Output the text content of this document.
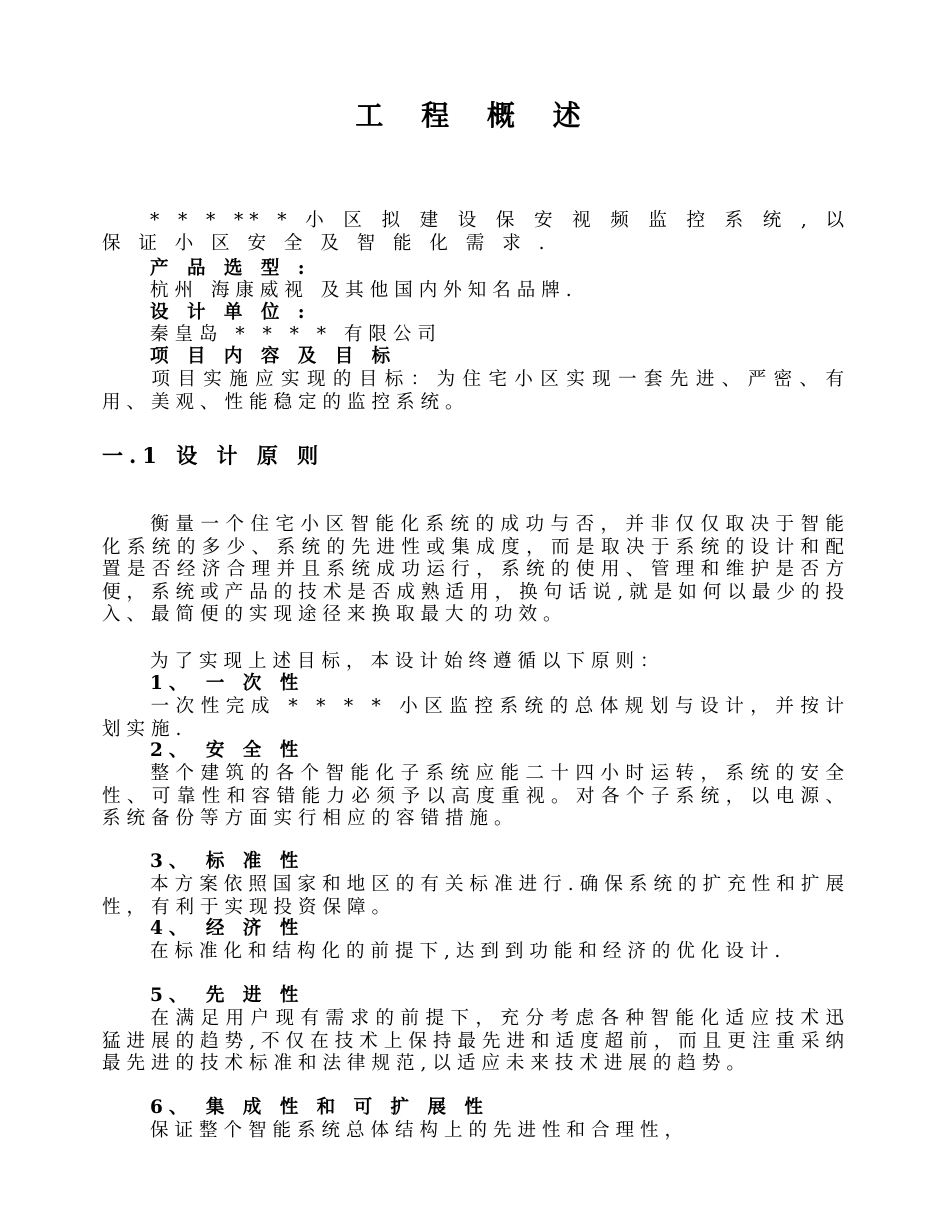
工 程 概 述
* * * ** * 小 区 拟 建 设 保 安 视 频 监 控 系 统 , 以 保 证 小 区 安 全 及 智 能 化 需 求 .
产 品 选 型 :
杭州 海康威视 及其他国内外知名品牌.
设 计 单 位 :
秦皇岛 * * * * 有限公司
项 目 内 容 及 目 标
项目实施应实现的目标：为住宅小区实现一套先进、严密、有用、美观、性能稳定的监控系统。
一.1 设 计 原 则
衡量一个住宅小区智能化系统的成功与否，并非仅仅取决于智能化系统的多少、系统的先进性或集成度，而是取决于系统的设计和配置是否经济合理并且系统成功运行，系统的使用、管理和维护是否方便，系统或产品的技术是否成熟适用，换句话说,就是如何以最少的投入、最简便的实现途径来换取最大的功效。
为了实现上述目标，本设计始终遵循以下原则：
1、 一 次 性
一次性完成 * * * * 小区监控系统的总体规划与设计，并按计划实施.
2、 安 全 性
整个建筑的各个智能化子系统应能二十四小时运转，系统的安全性、可靠性和容错能力必须予以高度重视。对各个子系统，以电源、系统备份等方面实行相应的容错措施。
3、 标 准 性
本方案依照国家和地区的有关标准进行.确保系统的扩充性和扩展性，有利于实现投资保障。
4、 经 济 性
在标准化和结构化的前提下,达到到功能和经济的优化设计.
5、 先 进 性
在满足用户现有需求的前提下，充分考虑各种智能化适应技术迅猛进展的趋势,不仅在技术上保持最先进和适度超前，而且更注重采纳最先进的技术标准和法律规范,以适应未来技术进展的趋势。
6、 集 成 性 和 可 扩 展 性
保证整个智能系统总体结构上的先进性和合理性，
